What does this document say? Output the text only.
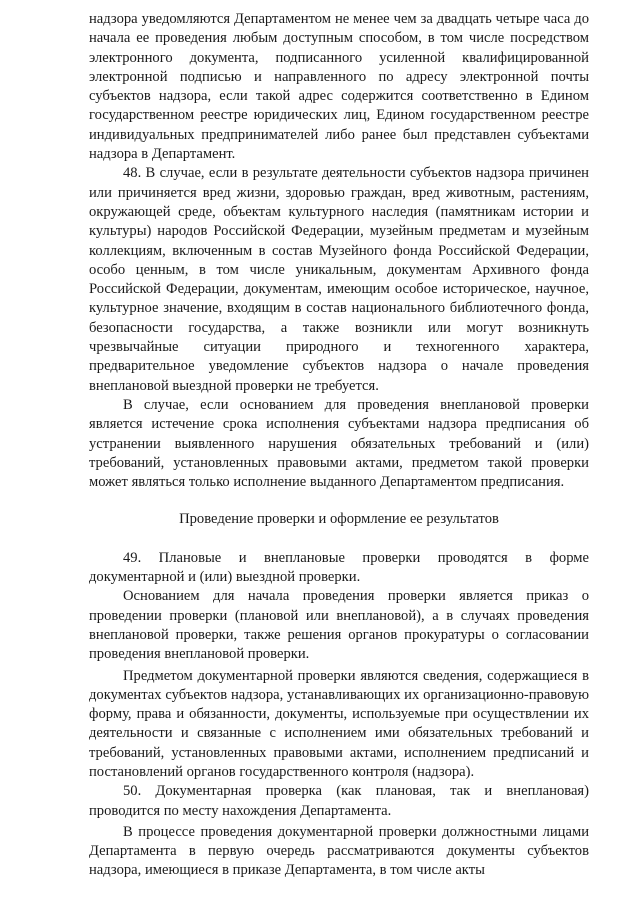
надзора уведомляются Департаментом не менее чем за двадцать четыре часа до начала ее проведения любым доступным способом, в том числе посредством электронного документа, подписанного усиленной квалифицированной электронной подписью и направленного по адресу электронной почты субъектов надзора, если такой адрес содержится соответственно в Едином государственном реестре юридических лиц, Едином государственном реестре индивидуальных предпринимателей либо ранее был представлен субъектами надзора в Департамент.

48. В случае, если в результате деятельности субъектов надзора причинен или причиняется вред жизни, здоровью граждан, вред животным, растениям, окружающей среде, объектам культурного наследия (памятникам истории и культуры) народов Российской Федерации, музейным предметам и музейным коллекциям, включенным в состав Музейного фонда Российской Федерации, особо ценным, в том числе уникальным, документам Архивного фонда Российской Федерации, документам, имеющим особое историческое, научное, культурное значение, входящим в состав национального библиотечного фонда, безопасности государства, а также возникли или могут возникнуть чрезвычайные ситуации природного и техногенного характера, предварительное уведомление субъектов надзора о начале проведения внеплановой выездной проверки не требуется.

В случае, если основанием для проведения внеплановой проверки является истечение срока исполнения субъектами надзора предписания об устранении выявленного нарушения обязательных требований и (или) требований, установленных правовыми актами, предметом такой проверки может являться только исполнение выданного Департаментом предписания.

Проведение проверки и оформление ее результатов

49. Плановые и внеплановые проверки проводятся в форме документарной и (или) выездной проверки.

Основанием для начала проведения проверки является приказ о проведении проверки (плановой или внеплановой), а в случаях проведения внеплановой проверки, также решения органов прокуратуры о согласовании проведения внеплановой проверки.

Предметом документарной проверки являются сведения, содержащиеся в документах субъектов надзора, устанавливающих их организационно-правовую форму, права и обязанности, документы, используемые при осуществлении их деятельности и связанные с исполнением ими обязательных требований и требований, установленных правовыми актами, исполнением предписаний и постановлений органов государственного контроля (надзора).

50. Документарная проверка (как плановая, так и внеплановая) проводится по месту нахождения Департамента.

В процессе проведения документарной проверки должностными лицами Департамента в первую очередь рассматриваются документы субъектов надзора, имеющиеся в приказе Департамента, в том числе акты
